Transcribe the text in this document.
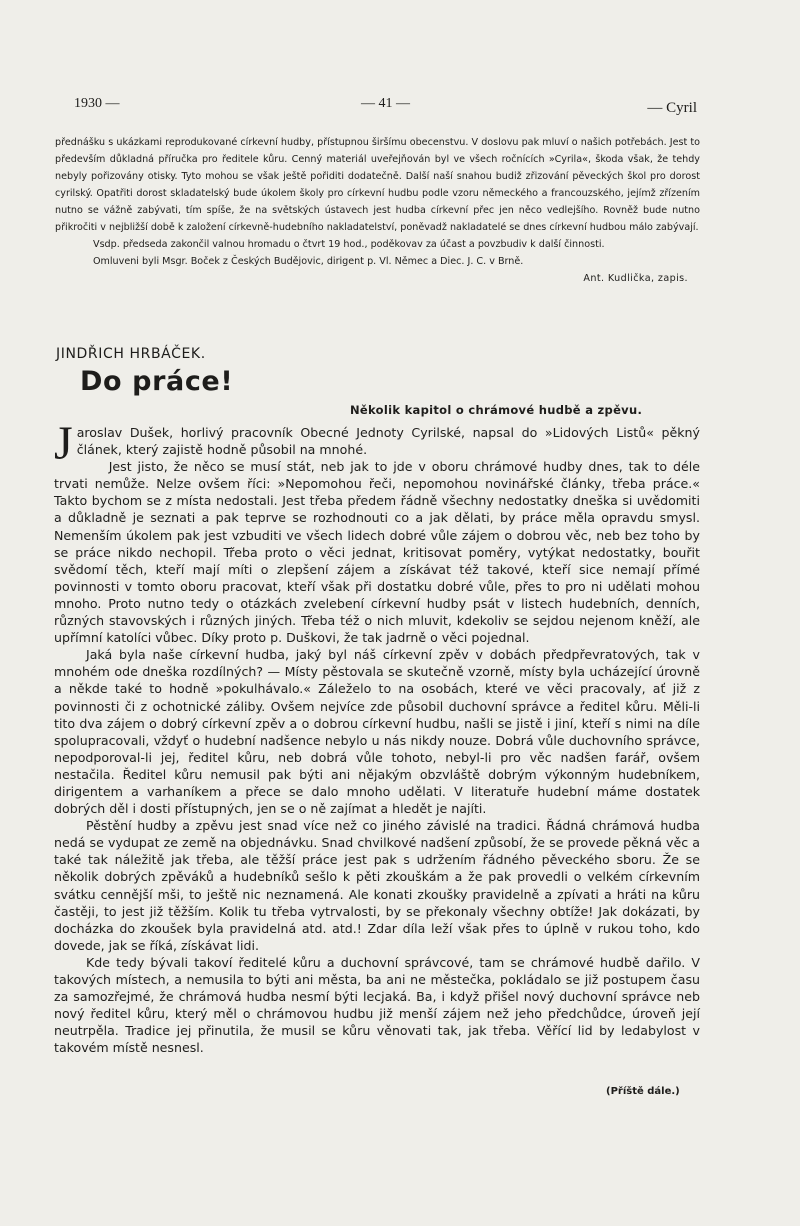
1930 —	— 41 —	— Cyril

přednášku s ukázkami reprodukované církevní hudby, přístupnou širšímu obecenstvu. V doslovu pak mluví o našich potřebách. Jest to především důkladná příručka pro ředitele kůru. Cenný materiál uveřejňován byl ve všech ročnících »Cyrila«, škoda však, že tehdy nebyly pořizovány otisky. Tyto mohou se však ještě pořiditi dodatečně. Další naší snahou budiž zřizování pěveckých škol pro dorost cyrilský. Opatřiti dorost skladatelský bude úkolem školy pro církevní hudbu podle vzoru německého a francouzského, jejímž zřízením nutno se vážně zabývati, tím spíše, že na světských ústavech jest hudba církevní přec jen něco vedlejšího. Rovněž bude nutno přikročiti v nejbližší době k založení církevně-hudebního nakladatelství, poněvadž nakladatelé se dnes církevní hudbou málo zabývají.

Vsdp. předseda zakončil valnou hromadu o čtvrt 19 hod., poděkovav za účast a povzbudiv k další činnosti.

Omluveni byli Msgr. Boček z Českých Budějovic, dirigent p. Vl. Němec a Diec. J. C. v Brně.

Ant. Kudlička, zapis.

JINDŘICH HRBÁČEK.
Do práce!
Několik kapitol o chrámové hudbě a zpěvu.

Jaroslav Dušek, horlivý pracovník Obecné Jednoty Cyrilské, napsal do »Lidových Listů« pěkný článek, který zajistě hodně působil na mnohé.

Jest jisto, že něco se musí stát, neb jak to jde v oboru chrámové hudby dnes, tak to déle trvati nemůže. Nelze ovšem říci: »Nepomohou řeči, nepomohou novinářské články, třeba práce.« Takto bychom se z místa nedostali. Jest třeba předem řádně všechny nedostatky dneška si uvědomiti a důkladně je seznati a pak teprve se rozhodnouti co a jak dělati, by práce měla opravdu smysl. Nemenším úkolem pak jest vzbuditi ve všech lidech dobré vůle zájem o dobrou věc, neb bez toho by se práce nikdo nechopil. Třeba proto o věci jednat, kritisovat poměry, vytýkat nedostatky, bouřit svědomí těch, kteří mají míti o zlepšení zájem a získávat též takové, kteří sice nemají přímé povinnosti v tomto oboru pracovat, kteří však při dostatku dobré vůle, přes to pro ni udělati mohou mnoho. Proto nutno tedy o otázkách zvelebení církevní hudby psát v listech hudebních, denních, různých stavovských i různých jiných. Třeba též o nich mluvit, kdekoliv se sejdou nejenom kněží, ale upřímní katolíci vůbec. Díky proto p. Duškovi, že tak jadrně o věci pojednal.

Jaká byla naše církevní hudba, jaký byl náš církevní zpěv v dobách předpřevratových, tak v mnohém ode dneška rozdílných? — Místy pěstovala se skutečně vzorně, místy byla ucházející úrovně a někde také to hodně »pokulhávalo.« Záleželo to na osobách, které ve věci pracovaly, ať již z povinnosti či z ochotnické záliby. Ovšem nejvíce zde působil duchovní správce a ředitel kůru. Měli-li tito dva zájem o dobrý církevní zpěv a o dobrou církevní hudbu, našli se jistě i jiní, kteří s nimi na díle spolupracovali, vždyť o hudební nadšence nebylo u nás nikdy nouze. Dobrá vůle duchovního správce, nepodporoval-li jej, ředitel kůru, neb dobrá vůle tohoto, nebyl-li pro věc nadšen farář, ovšem nestačila. Ředitel kůru nemusil pak býti ani nějakým obzvláště dobrým výkonným hudebníkem, dirigentem a varhaníkem a přece se dalo mnoho udělati. V literatuře hudební máme dostatek dobrých děl i dosti přístupných, jen se o ně zajímat a hledět je najíti.

Pěstění hudby a zpěvu jest snad více než co jiného závislé na tradici. Řádná chrámová hudba nedá se vydupat ze země na objednávku. Snad chvilkové nadšení způsobí, že se provede pěkná věc a také tak náležitě jak třeba, ale těžší práce jest pak s udržením řádného pěveckého sboru. Že se několik dobrých zpěváků a hudebníků sešlo k pěti zkouškám a že pak provedli o velkém církevním svátku cennější mši, to ještě nic neznamená. Ale konati zkoušky pravidelně a zpívati a hráti na kůru častěji, to jest již těžším. Kolik tu třeba vytrvalosti, by se překonaly všechny obtíže! Jak dokázati, by docházka do zkoušek byla pravidelná atd. atd.! Zdar díla leží však přes to úplně v rukou toho, kdo dovede, jak se říká, získávat lidi.

Kde tedy bývali takoví ředitelé kůru a duchovní správcové, tam se chrámové hudbě dařilo. V takových místech, a nemusila to býti ani města, ba ani ne městečka, pokládalo se již postupem času za samozřejmé, že chrámová hudba nesmí býti lecjaká. Ba, i když přišel nový duchovní správce neb nový ředitel kůru, který měl o chrámovou hudbu již menší zájem než jeho předchůdce, úroveň její neutrpěla. Tradice jej přinutila, že musil se kůru věnovati tak, jak třeba. Věřící lid by ledabylost v takovém místě nesnesl.

(Příště dále.)
